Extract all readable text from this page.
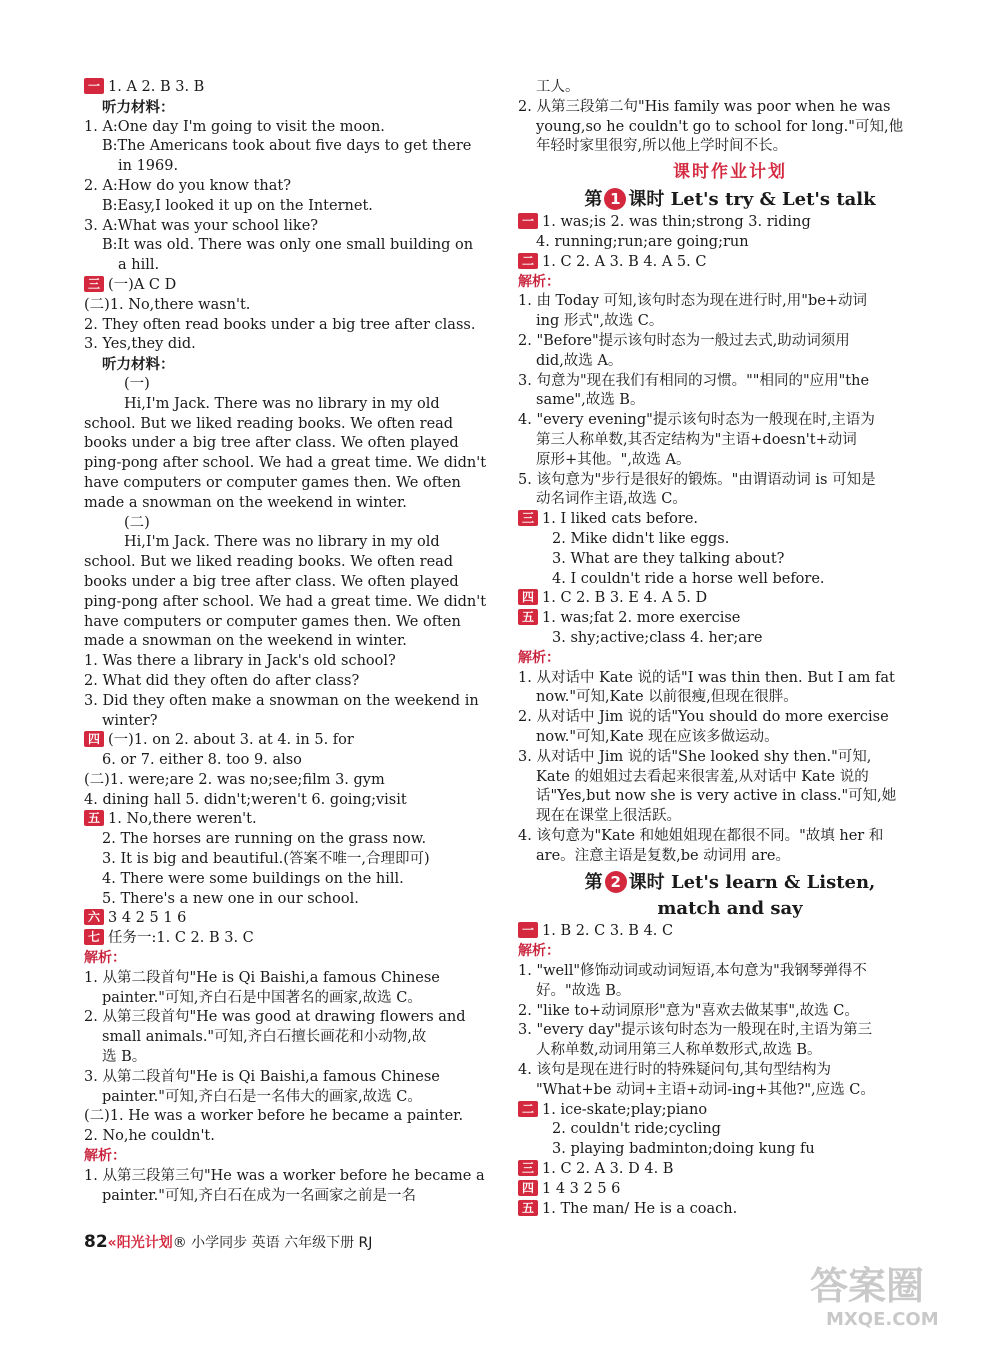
一 1. A 2. B 3. B
听力材料：
1. A:One day I'm going to visit the moon.
B:The Americans took about five days to get there
in 1969.
2. A:How do you know that?
B:Easy,I looked it up on the Internet.
3. A:What was your school like?
B:It was old. There was only one small building on
a hill.
三 (一)A C D
(二)1. No,there wasn't.
2. They often read books under a big tree after class.
3. Yes,they did.
听力材料：
(一)
Hi,I'm Jack. There was no library in my old
school. But we liked reading books. We often read
books under a big tree after class. We often played
ping-pong after school. We had a great time. We didn't
have computers or computer games then. We often
made a snowman on the weekend in winter.
(二)
Hi,I'm Jack. There was no library in my old
school. But we liked reading books. We often read
books under a big tree after class. We often played
ping-pong after school. We had a great time. We didn't
have computers or computer games then. We often
made a snowman on the weekend in winter.
1. Was there a library in Jack's old school?
2. What did they often do after class?
3. Did they often make a snowman on the weekend in
winter?
四 (一)1. on 2. about 3. at 4. in 5. for
6. or 7. either 8. too 9. also
(二)1. were;are 2. was no;see;film 3. gym
4. dining hall 5. didn't;weren't 6. going;visit
五 1. No,there weren't.
2. The horses are running on the grass now.
3. It is big and beautiful.(答案不唯一,合理即可)
4. There were some buildings on the hill.
5. There's a new one in our school.
六 3 4 2 5 1 6
七 任务一:1. C 2. B 3. C
解析：
1. 从第二段首句"He is Qi Baishi,a famous Chinese
painter."可知,齐白石是中国著名的画家,故选 C。
2. 从第三段首句"He was good at drawing flowers and
small animals."可知,齐白石擅长画花和小动物,故
选 B。
3. 从第二段首句"He is Qi Baishi,a famous Chinese
painter."可知,齐白石是一名伟大的画家,故选 C。
(二)1. He was a worker before he became a painter.
2. No,he couldn't.
解析：
1. 从第三段第三句"He was a worker before he became a
painter."可知,齐白石在成为一名画家之前是一名
工人。
2. 从第三段第二句"His family was poor when he was
young,so he couldn't go to school for long."可知,他
年轻时家里很穷,所以他上学时间不长。
课时作业计划
第 1 课时 Let's try & Let's talk
一 1. was;is 2. was thin;strong 3. riding
4. running;run;are going;run
二 1. C 2. A 3. B 4. A 5. C
解析：
1. 由 Today 可知,该句时态为现在进行时,用"be+动词
ing 形式",故选 C。
2. "Before"提示该句时态为一般过去式,助动词须用
did,故选 A。
3. 句意为"现在我们有相同的习惯。""相同的"应用"the
same",故选 B。
4. "every evening"提示该句时态为一般现在时,主语为
第三人称单数,其否定结构为"主语+doesn't+动词
原形+其他。",故选 A。
5. 该句意为"步行是很好的锻炼。"由谓语动词 is 可知是
动名词作主语,故选 C。
三 1. I liked cats before.
2. Mike didn't like eggs.
3. What are they talking about?
4. I couldn't ride a horse well before.
四 1. C 2. B 3. E 4. A 5. D
五 1. was;fat 2. more exercise
3. shy;active;class 4. her;are
解析：
1. 从对话中 Kate 说的话"I was thin then. But I am fat
now."可知,Kate 以前很瘦,但现在很胖。
2. 从对话中 Jim 说的话"You should do more exercise
now."可知,Kate 现在应该多做运动。
3. 从对话中 Jim 说的话"She looked shy then."可知,
Kate 的姐姐过去看起来很害羞,从对话中 Kate 说的
话"Yes,but now she is very active in class."可知,她
现在在课堂上很活跃。
4. 该句意为"Kate 和她姐姐现在都很不同。"故填 her 和
are。注意主语是复数,be 动词用 are。
第 2 课时 Let's learn & Listen,
match and say
一 1. B 2. C 3. B 4. C
解析：
1. "well"修饰动词或动词短语,本句意为"我钢琴弹得不
好。"故选 B。
2. "like to+动词原形"意为"喜欢去做某事",故选 C。
3. "every day"提示该句时态为一般现在时,主语为第三
人称单数,动词用第三人称单数形式,故选 B。
4. 该句是现在进行时的特殊疑问句,其句型结构为
"What+be 动词+主语+动词-ing+其他?",应选 C。
二 1. ice-skate;play;piano
2. couldn't ride;cycling
3. playing badminton;doing kung fu
三 1. C 2. A 3. D 4. B
四 1 4 3 2 5 6
五 1. The man/ He is a coach.
82«阳光计划® 小学同步 英语 六年级下册 RJ
答案圈
MXQE.COM
